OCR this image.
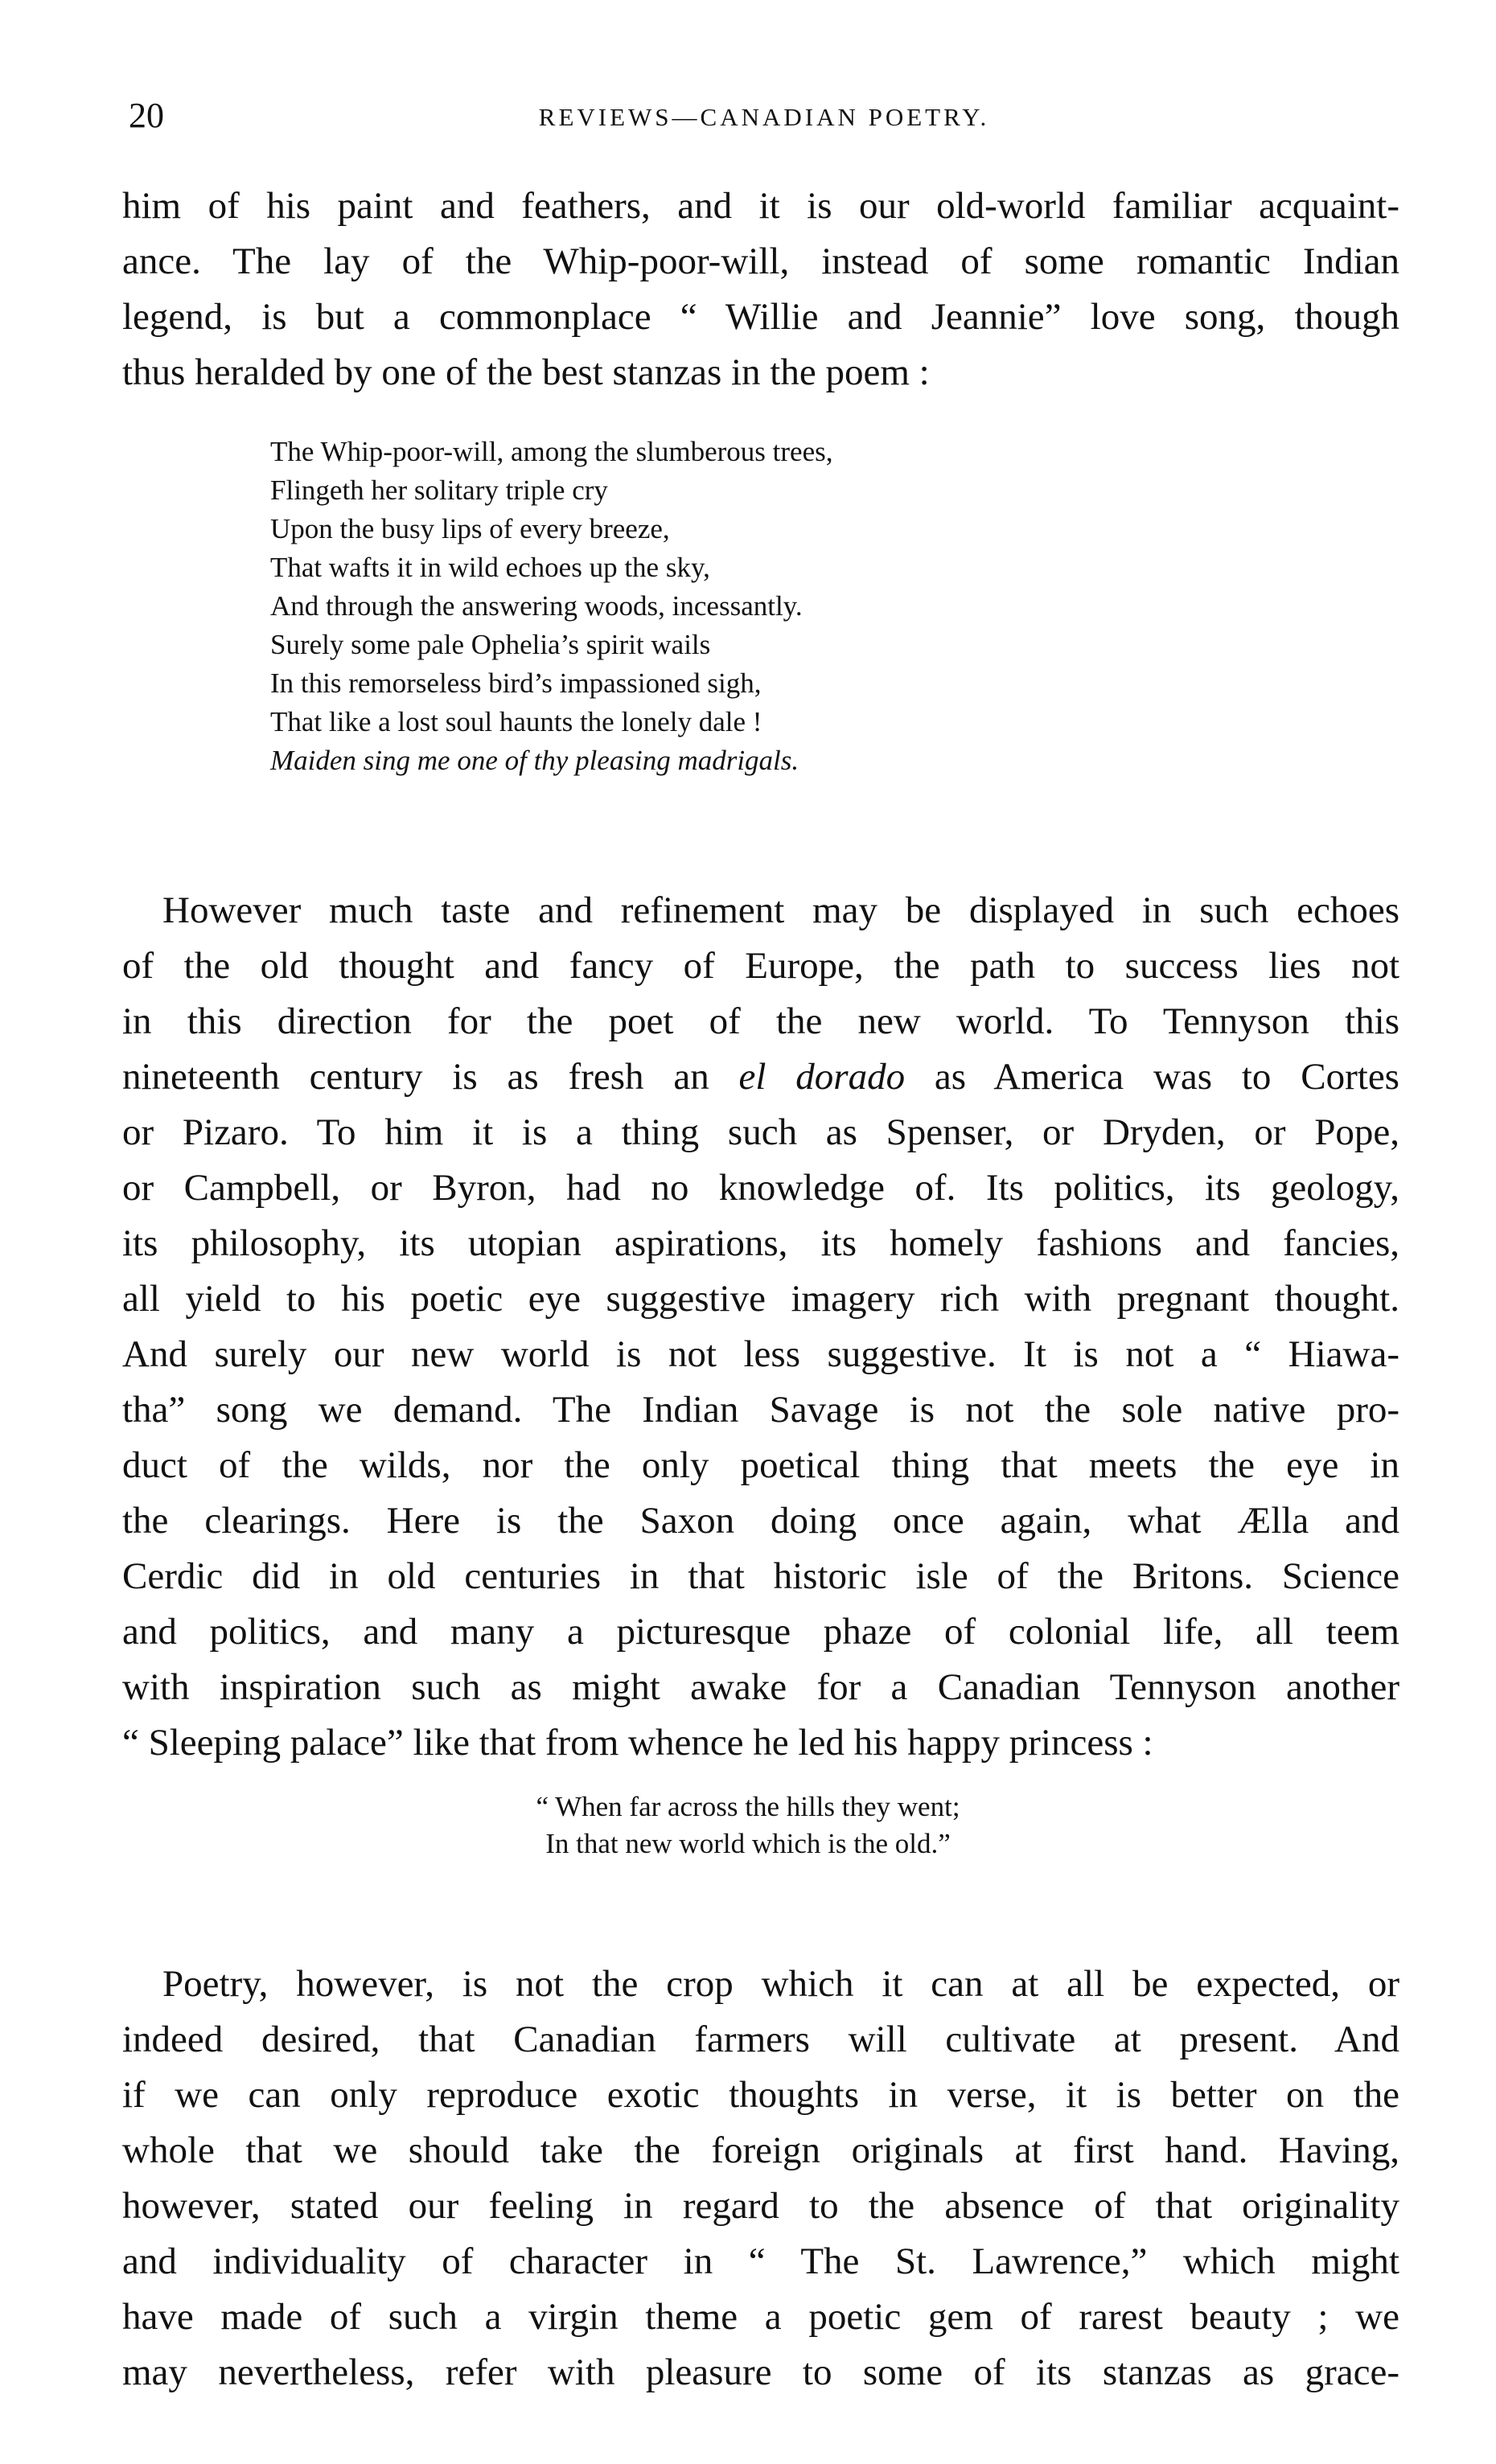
20	REVIEWS—CANADIAN POETRY.
him of his paint and feathers, and it is our old-world familiar acquaint-
ance. The lay of the Whip-poor-will, instead of some romantic Indian
legend, is but a commonplace “ Willie and Jeannie” love song, though
thus heralded by one of the best stanzas in the poem :
The Whip-poor-will, among the slumberous trees,
Flingeth her solitary triple cry
Upon the busy lips of every breeze,
That wafts it in wild echoes up the sky,
And through the answering woods, incessantly.
Surely some pale Ophelia’s spirit wails
In this remorseless bird’s impassioned sigh,
That like a lost soul haunts the lonely dale !
Maiden sing me one of thy pleasing madrigals.
However much taste and refinement may be displayed in such echoes
of the old thought and fancy of Europe, the path to success lies not
in this direction for the poet of the new world. To Tennyson this
nineteenth century is as fresh an el dorado as America was to Cortes
or Pizaro. To him it is a thing such as Spenser, or Dryden, or Pope,
or Campbell, or Byron, had no knowledge of. Its politics, its geology,
its philosophy, its utopian aspirations, its homely fashions and fancies,
all yield to his poetic eye suggestive imagery rich with pregnant thought.
And surely our new world is not less suggestive. It is not a “ Hiawa-
tha” song we demand. The Indian Savage is not the sole native pro-
duct of the wilds, nor the only poetical thing that meets the eye in
the clearings. Here is the Saxon doing once again, what Ælla and
Cerdic did in old centuries in that historic isle of the Britons. Science
and politics, and many a picturesque phaze of colonial life, all teem
with inspiration such as might awake for a Canadian Tennyson another
“ Sleeping palace” like that from whence he led his happy princess :
“ When far across the hills they went;
In that new world which is the old.”
Poetry, however, is not the crop which it can at all be expected, or
indeed desired, that Canadian farmers will cultivate at present. And
if we can only reproduce exotic thoughts in verse, it is better on the
whole that we should take the foreign originals at first hand. Having,
however, stated our feeling in regard to the absence of that originality
and individuality of character in “ The St. Lawrence,” which might
have made of such a virgin theme a poetic gem of rarest beauty ; we
may nevertheless, refer with pleasure to some of its stanzas as grace-
